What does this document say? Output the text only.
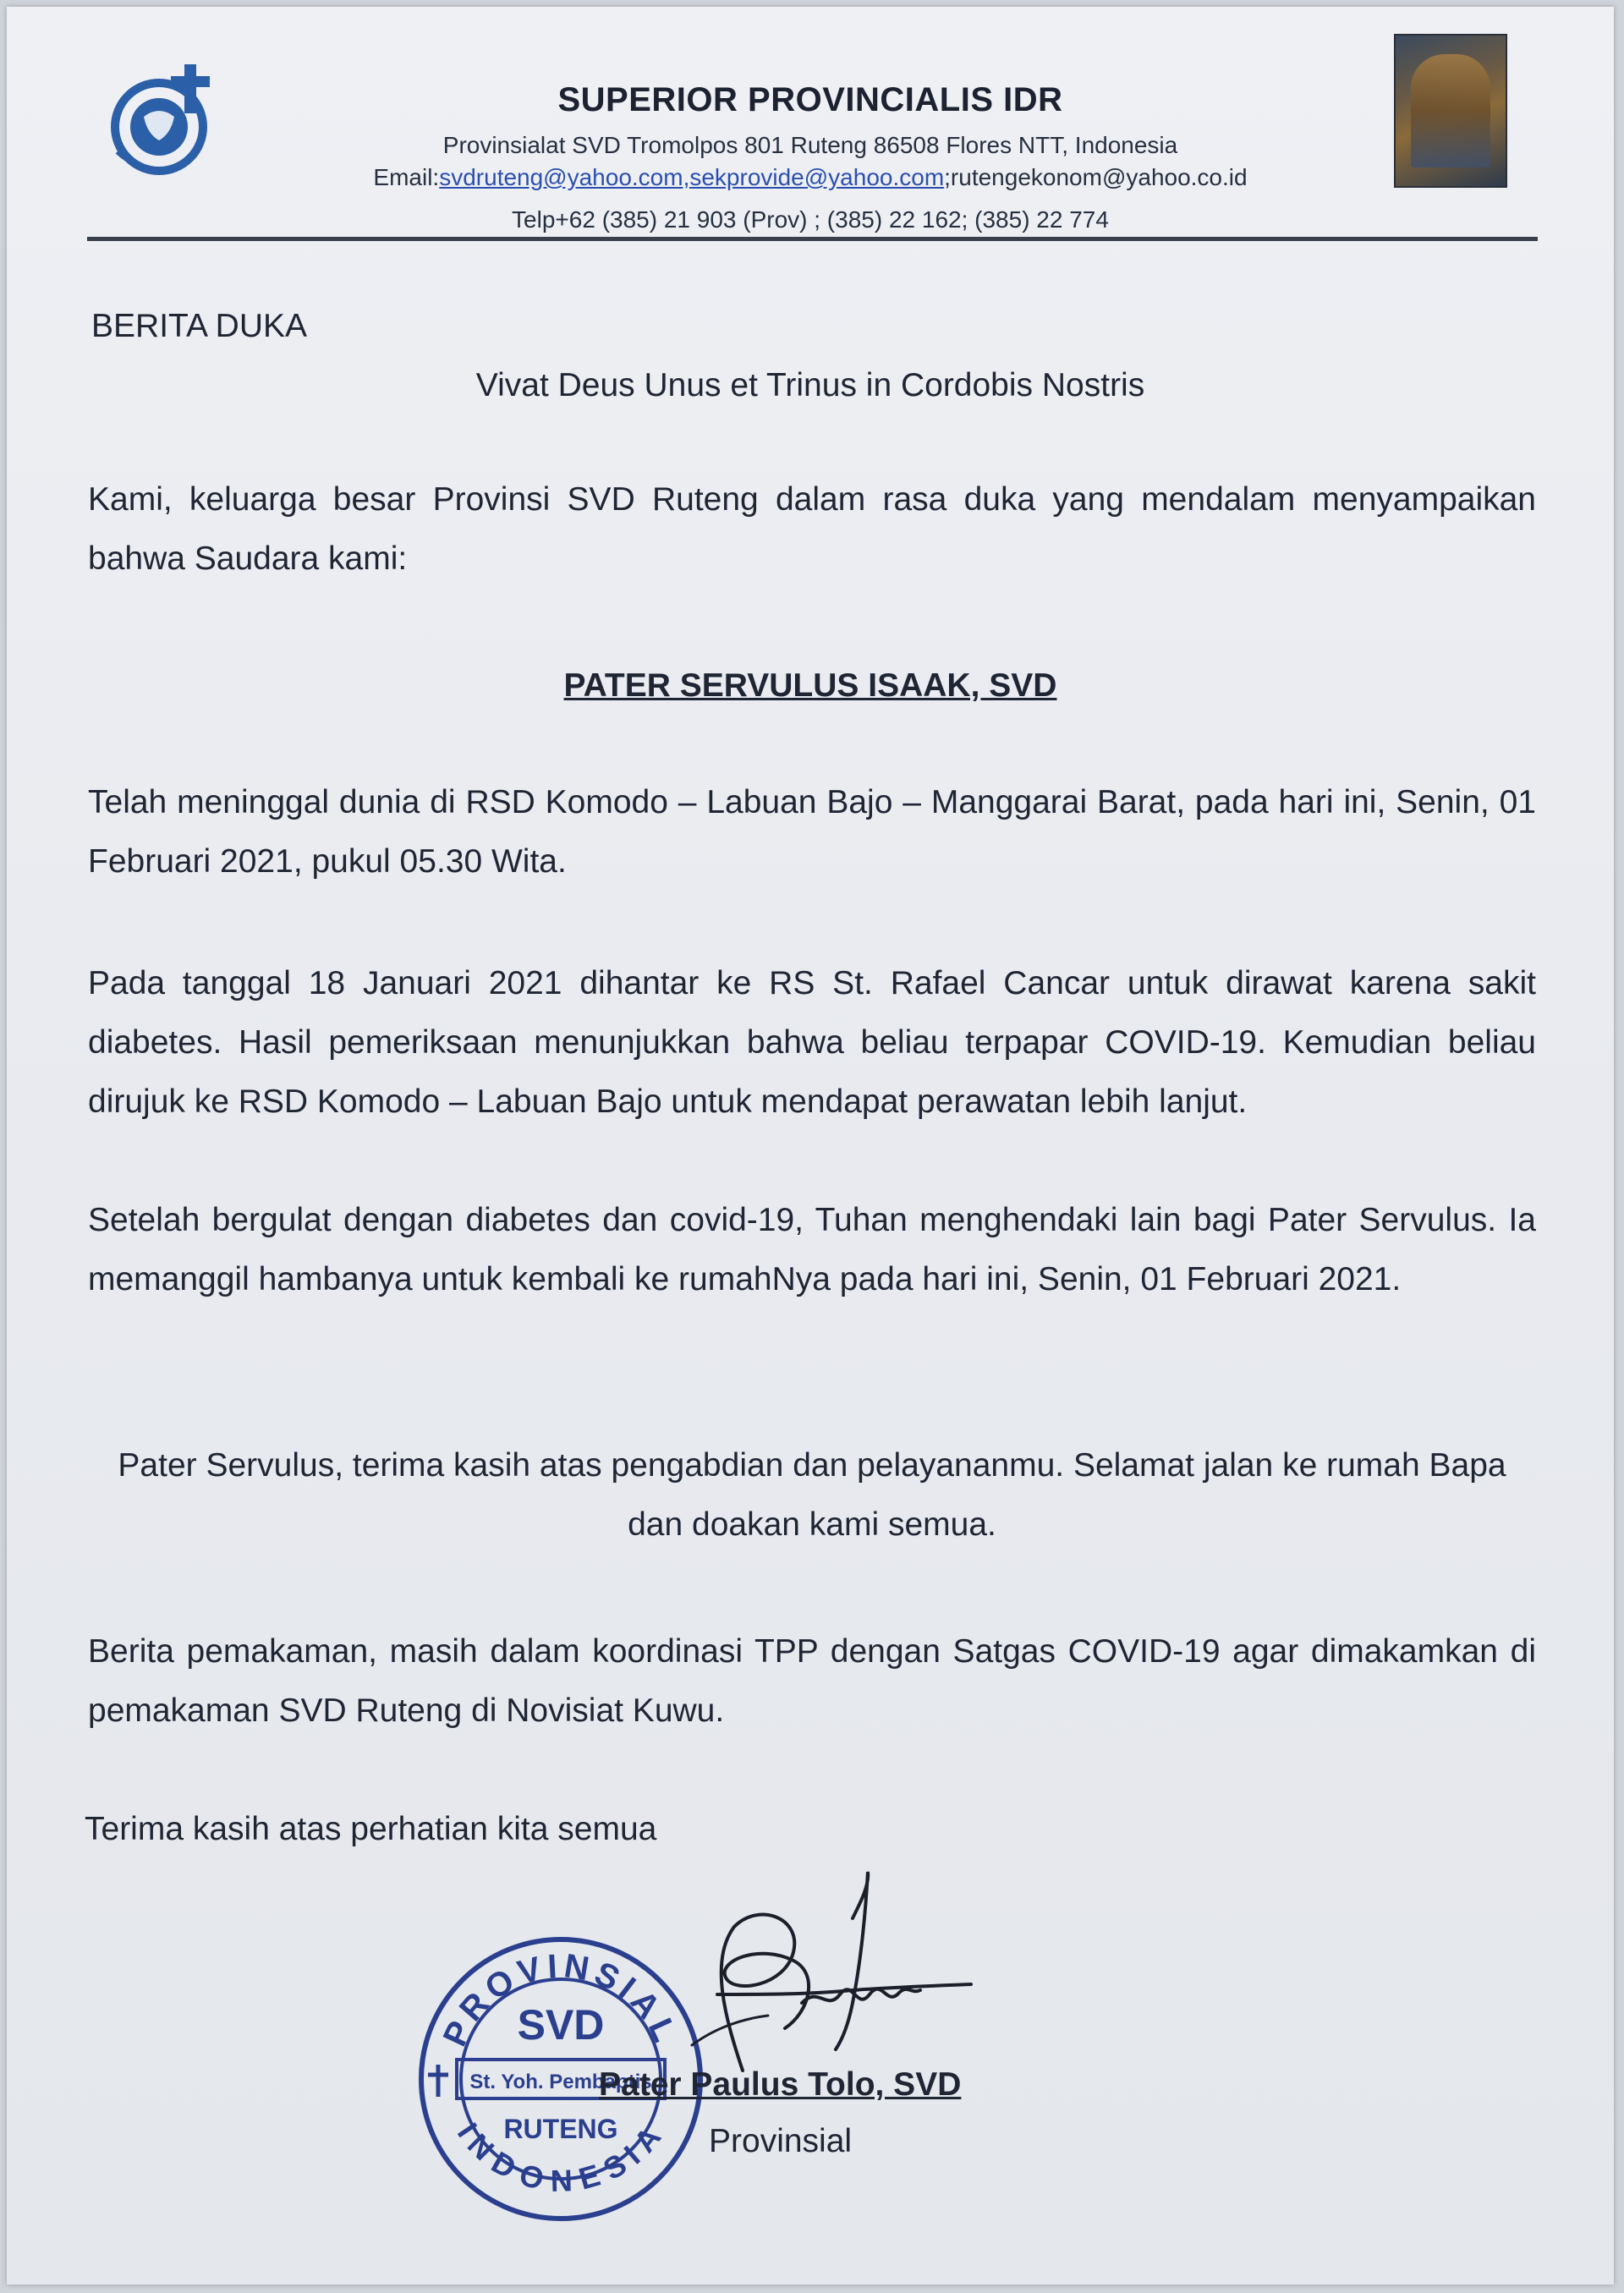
SUPERIOR PROVINCIALIS IDR
Provinsialat SVD Tromolpos 801 Ruteng 86508 Flores NTT, Indonesia
Email:svdruteng@yahoo.com,sekprovide@yahoo.com;rutengekonom@yahoo.co.id
Telp+62 (385) 21 903 (Prov) ; (385) 22 162; (385) 22 774
BERITA DUKA
Vivat Deus Unus et Trinus in Cordobis Nostris
Kami, keluarga besar Provinsi SVD Ruteng dalam rasa duka yang mendalam menyampaikan bahwa Saudara kami:
PATER SERVULUS ISAAK, SVD
Telah meninggal dunia di RSD Komodo – Labuan Bajo – Manggarai Barat, pada hari ini, Senin, 01 Februari 2021, pukul 05.30 Wita.
Pada tanggal 18 Januari 2021 dihantar ke RS St. Rafael Cancar untuk dirawat karena sakit diabetes. Hasil pemeriksaan menunjukkan bahwa beliau terpapar COVID-19. Kemudian beliau dirujuk ke RSD Komodo – Labuan Bajo untuk mendapat perawatan lebih lanjut.
Setelah bergulat dengan diabetes dan covid-19, Tuhan menghendaki lain bagi Pater Servulus. Ia memanggil hambanya untuk kembali ke rumahNya pada hari ini, Senin, 01 Februari 2021.
Pater Servulus, terima kasih atas pengabdian dan pelayananmu. Selamat jalan ke rumah Bapa dan doakan kami semua.
Berita pemakaman, masih dalam koordinasi TPP dengan Satgas COVID-19 agar dimakamkan di pemakaman SVD Ruteng di Novisiat Kuwu.
Terima kasih atas perhatian kita semua
PROVINSIAL
INDONESIA
SVD
St. Yoh. Pembaptis
RUTENG
Pater Paulus Tolo, SVD
Provinsial
